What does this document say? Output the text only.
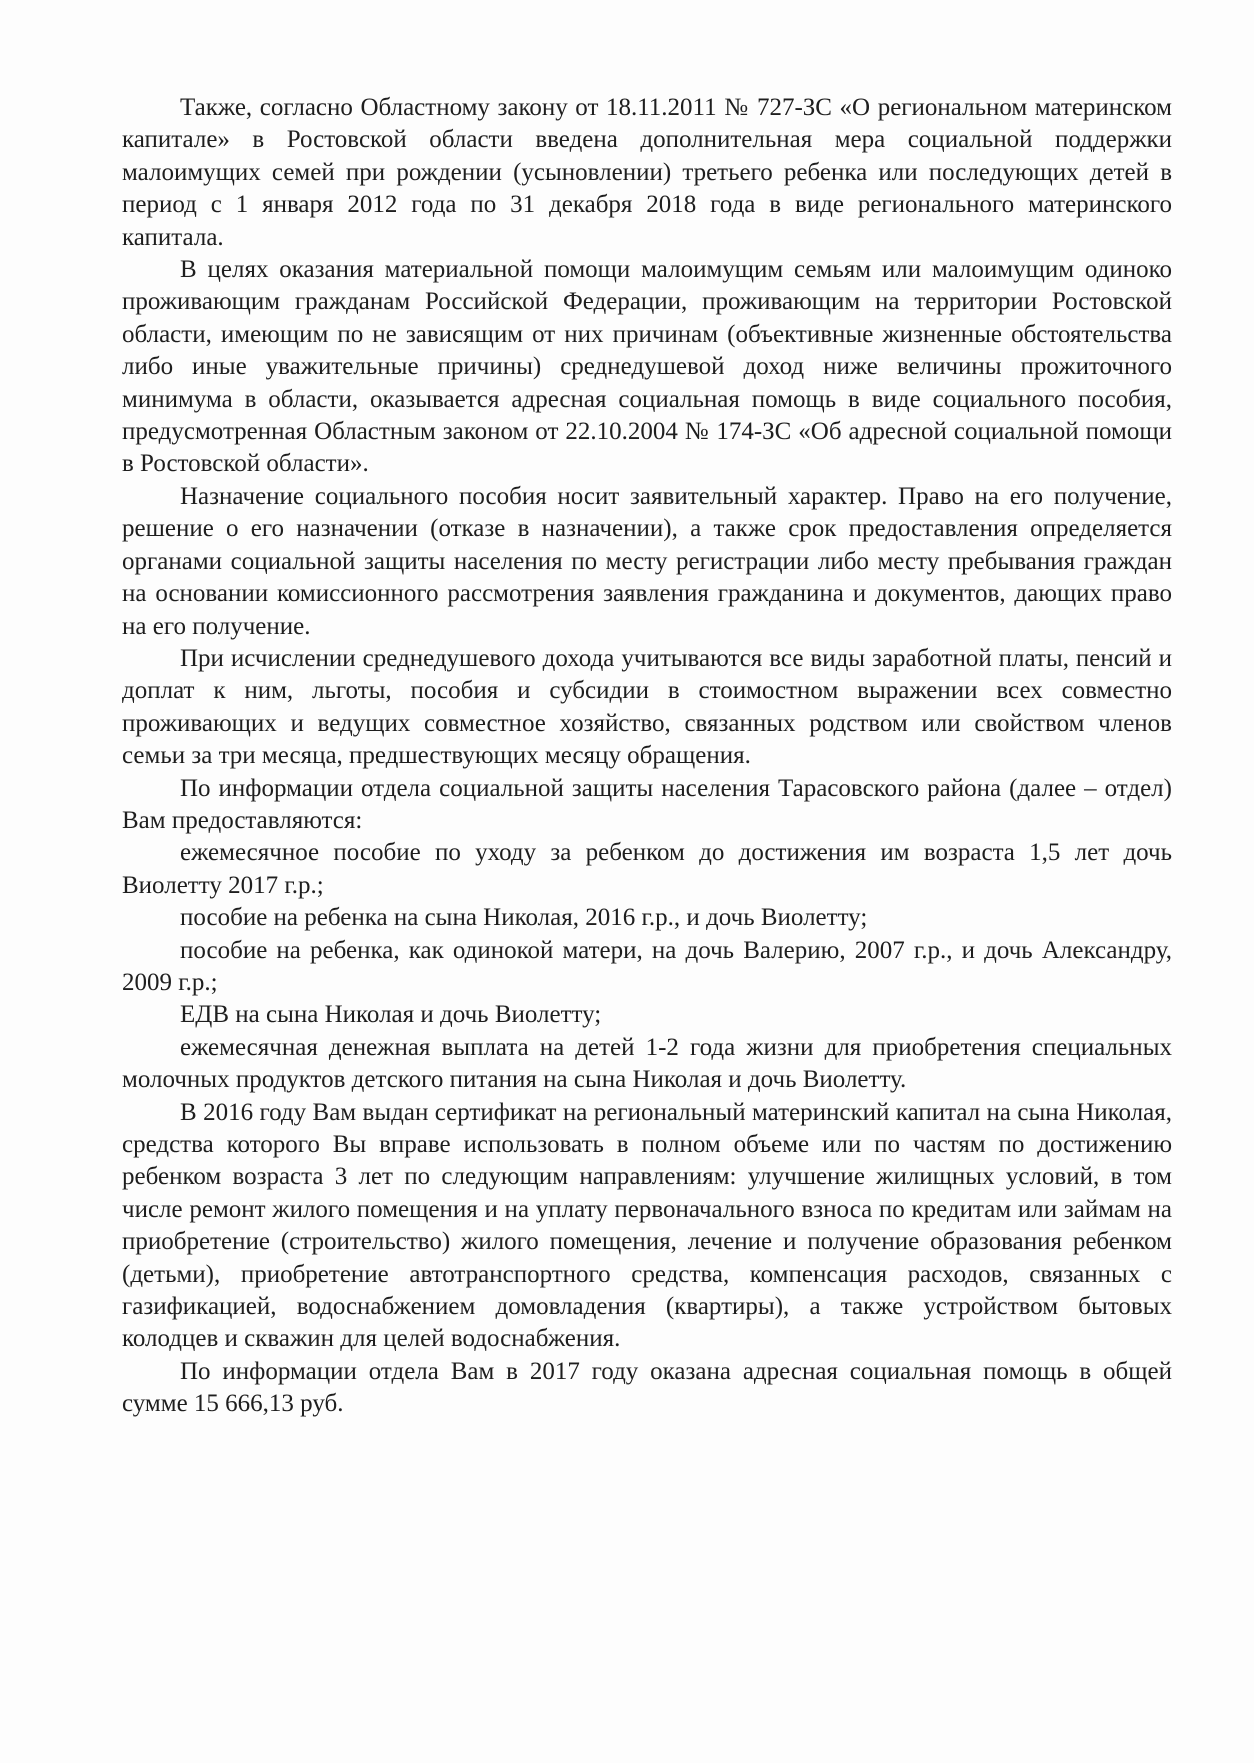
Также, согласно Областному закону от 18.11.2011 № 727-ЗС «О региональном материнском капитале» в Ростовской области введена дополнительная мера социальной поддержки малоимущих семей при рождении (усыновлении) третьего ребенка или последующих детей в период с 1 января 2012 года по 31 декабря 2018 года в виде регионального материнского капитала.

В целях оказания материальной помощи малоимущим семьям или малоимущим одиноко проживающим гражданам Российской Федерации, проживающим на территории Ростовской области, имеющим по не зависящим от них причинам (объективные жизненные обстоятельства либо иные уважительные причины) среднедушевой доход ниже величины прожиточного минимума в области, оказывается адресная социальная помощь в виде социального пособия, предусмотренная Областным законом от 22.10.2004 № 174-ЗС «Об адресной социальной помощи в Ростовской области».

Назначение социального пособия носит заявительный характер. Право на его получение, решение о его назначении (отказе в назначении), а также срок предоставления определяется органами социальной защиты населения по месту регистрации либо месту пребывания граждан на основании комиссионного рассмотрения заявления гражданина и документов, дающих право на его получение.

При исчислении среднедушевого дохода учитываются все виды заработной платы, пенсий и доплат к ним, льготы, пособия и субсидии в стоимостном выражении всех совместно проживающих и ведущих совместное хозяйство, связанных родством или свойством членов семьи за три месяца, предшествующих месяцу обращения.

По информации отдела социальной защиты населения Тарасовского района (далее – отдел) Вам предоставляются:

ежемесячное пособие по уходу за ребенком до достижения им возраста 1,5 лет дочь Виолетту 2017 г.р.;

пособие на ребенка на сына Николая, 2016 г.р., и дочь Виолетту;

пособие на ребенка, как одинокой матери, на дочь Валерию, 2007 г.р., и дочь Александру, 2009 г.р.;

ЕДВ на сына Николая и дочь Виолетту;

ежемесячная денежная выплата на детей 1-2 года жизни для приобретения специальных молочных продуктов детского питания на сына Николая и дочь Виолетту.

В 2016 году Вам выдан сертификат на региональный материнский капитал на сына Николая, средства которого Вы вправе использовать в полном объеме или по частям по достижению ребенком возраста 3 лет по следующим направлениям: улучшение жилищных условий, в том числе ремонт жилого помещения и на уплату первоначального взноса по кредитам или займам на приобретение (строительство) жилого помещения, лечение и получение образования ребенком (детьми), приобретение автотранспортного средства, компенсация расходов, связанных с газификацией, водоснабжением домовладения (квартиры), а также устройством бытовых колодцев и скважин для целей водоснабжения.

По информации отдела Вам в 2017 году оказана адресная социальная помощь в общей сумме 15 666,13 руб.
